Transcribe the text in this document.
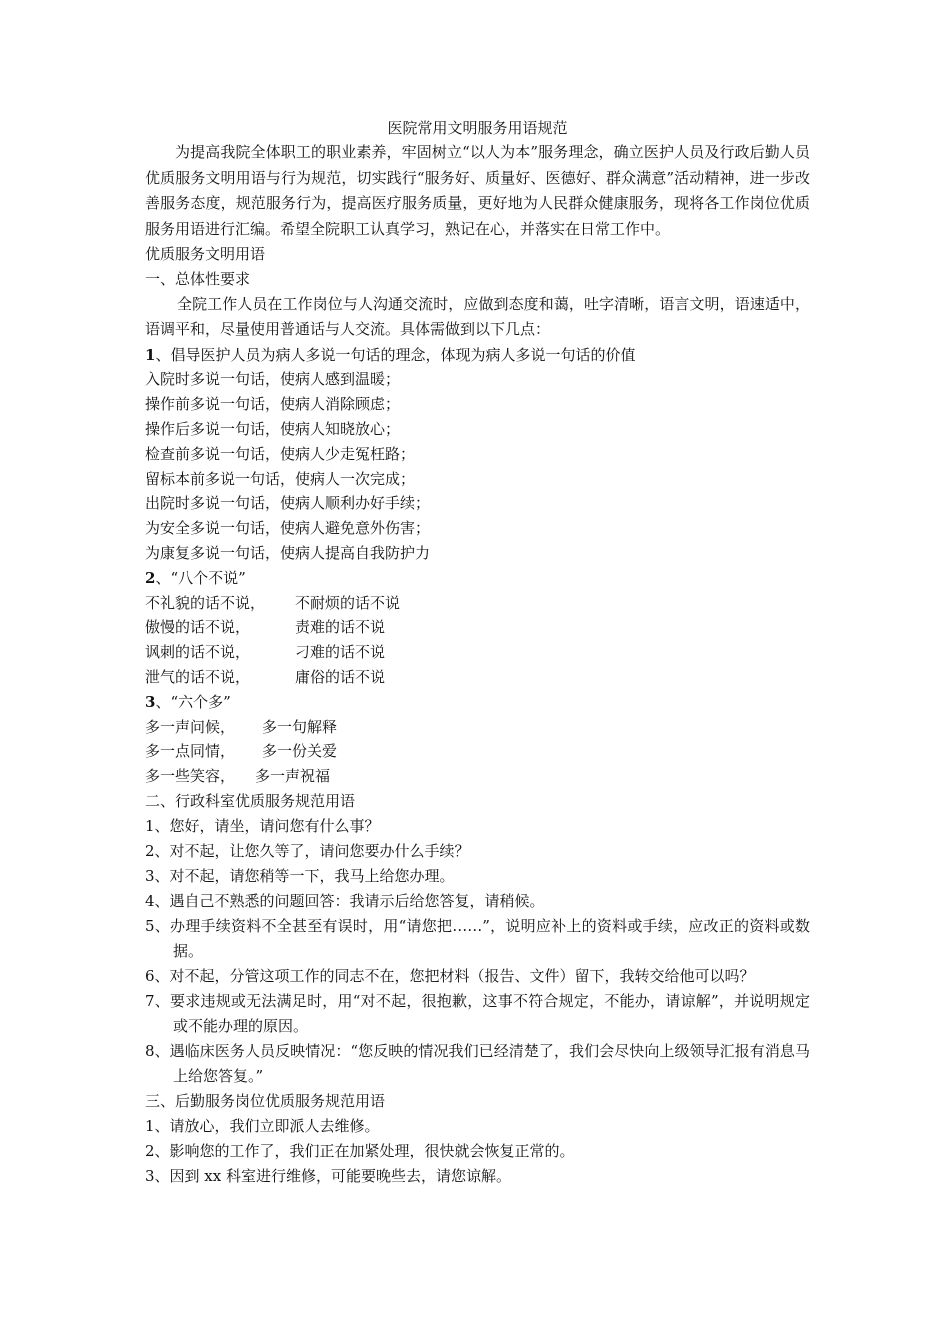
医院常用文明服务用语规范

为提高我院全体职工的职业素养，牢固树立“以人为本”服务理念，确立医护人员及行政后勤人员优质服务文明用语与行为规范，切实践行“服务好、质量好、医德好、群众满意”活动精神，进一步改善服务态度，规范服务行为，提高医疗服务质量，更好地为人民群众健康服务，现将各工作岗位优质服务用语进行汇编。希望全院职工认真学习，熟记在心，并落实在日常工作中。

优质服务文明用语
一、总体性要求

全院工作人员在工作岗位与人沟通交流时，应做到态度和蔼，吐字清晰，语言文明，语速适中，语调平和，尽量使用普通话与人交流。具体需做到以下几点：

1、倡导医护人员为病人多说一句话的理念，体现为病人多说一句话的价值
入院时多说一句话，使病人感到温暖；
操作前多说一句话，使病人消除顾虑；
操作后多说一句话，使病人知晓放心；
检查前多说一句话，使病人少走冤枉路；
留标本前多说一句话，使病人一次完成；
出院时多说一句话，使病人顺利办好手续；
为安全多说一句话，使病人避免意外伤害；
为康复多说一句话，使病人提高自我防护力
2、“八个不说”
不礼貌的话不说，	不耐烦的话不说
傲慢的话不说，	责难的话不说
讽刺的话不说，	刁难的话不说
泄气的话不说，	庸俗的话不说
3、“六个多”
多一声问候，	多一句解释
多一点同情，	多一份关爱
多一些笑容，	多一声祝福
二、行政科室优质服务规范用语

1、您好，请坐，请问您有什么事？

2、对不起，让您久等了，请问您要办什么手续？

3、对不起，请您稍等一下，我马上给您办理。

4、遇自己不熟悉的问题回答：我请示后给您答复，请稍候。

5、办理手续资料不全甚至有误时，用“请您把……”，说明应补上的资料或手续，应改正的资料或数据。

6、对不起，分管这项工作的同志不在，您把材料（报告、文件）留下，我转交给他可以吗？

7、要求违规或无法满足时，用“对不起，很抱歉，这事不符合规定，不能办，请谅解”，并说明规定或不能办理的原因。

8、遇临床医务人员反映情况：“您反映的情况我们已经清楚了，我们会尽快向上级领导汇报有消息马上给您答复。”

三、后勤服务岗位优质服务规范用语

1、请放心，我们立即派人去维修。

2、影响您的工作了，我们正在加紧处理，很快就会恢复正常的。

3、因到 xx 科室进行维修，可能要晚些去，请您谅解。
